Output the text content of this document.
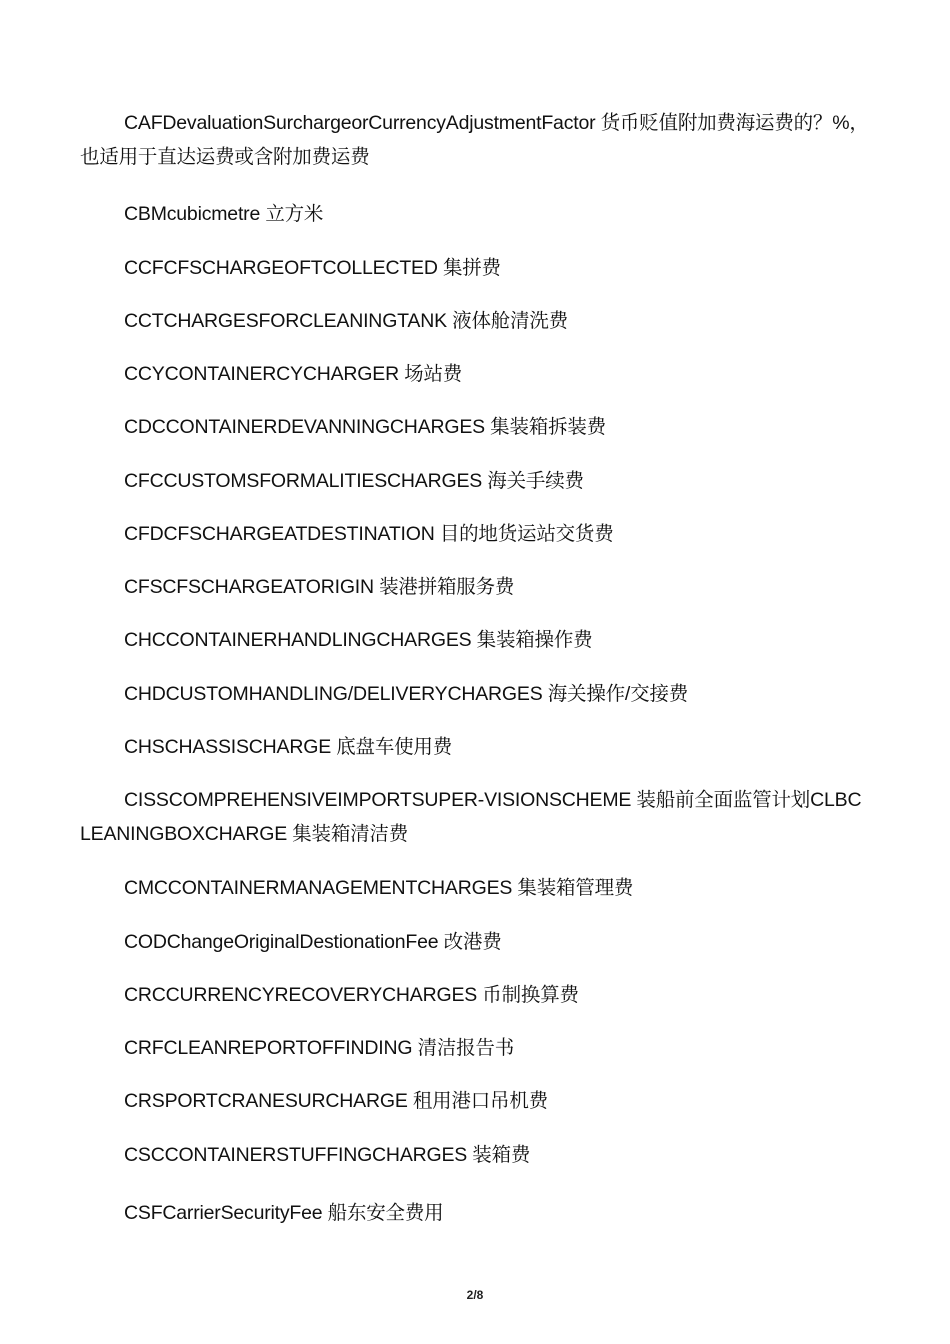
CAFDevaluationSurchargeorCurrencyAdjustmentFactor 货币贬值附加费海运费的？%，也适用于直达运费或含附加费运费

CBMcubicmetre 立方米

CCFCFSCHARGEOFTCOLLECTED 集拼费

CCTCHARGESFORCLEANINGTANK 液体舱清洗费

CCYCONTAINERCYCHARGER 场站费

CDCCONTAINERDEVANNINGCHARGES 集装箱拆装费

CFCCUSTOMSFORMALITIESCHARGES 海关手续费

CFDCFSCHARGEATDESTINATION 目的地货运站交货费

CFSCFSCHARGEATORIGIN 装港拼箱服务费

CHCCONTAINERHANDLINGCHARGES 集装箱操作费

CHDCUSTOMHANDLING/DELIVERYCHARGES 海关操作/交接费

CHSCHASSISCHARGE 底盘车使用费

CISSCOMPREHENSIVEIMPORTSUPER-VISIONSCHEME 装船前全面监管计划CLBCLEANINGBOXCHARGE 集装箱清洁费

CMCCONTAINERMANAGEMENTCHARGES 集装箱管理费

CODChangeOriginalDestionationFee 改港费

CRCCURRENCYRECOVERYCHARGES 币制换算费

CRFCLEANREPORTOFFINDING 清洁报告书

CRSPORTCRANESURCHARGE 租用港口吊机费

CSCCONTAINERSTUFFINGCHARGES 装箱费

CSFCarrierSecurityFee 船东安全费用

2/8
